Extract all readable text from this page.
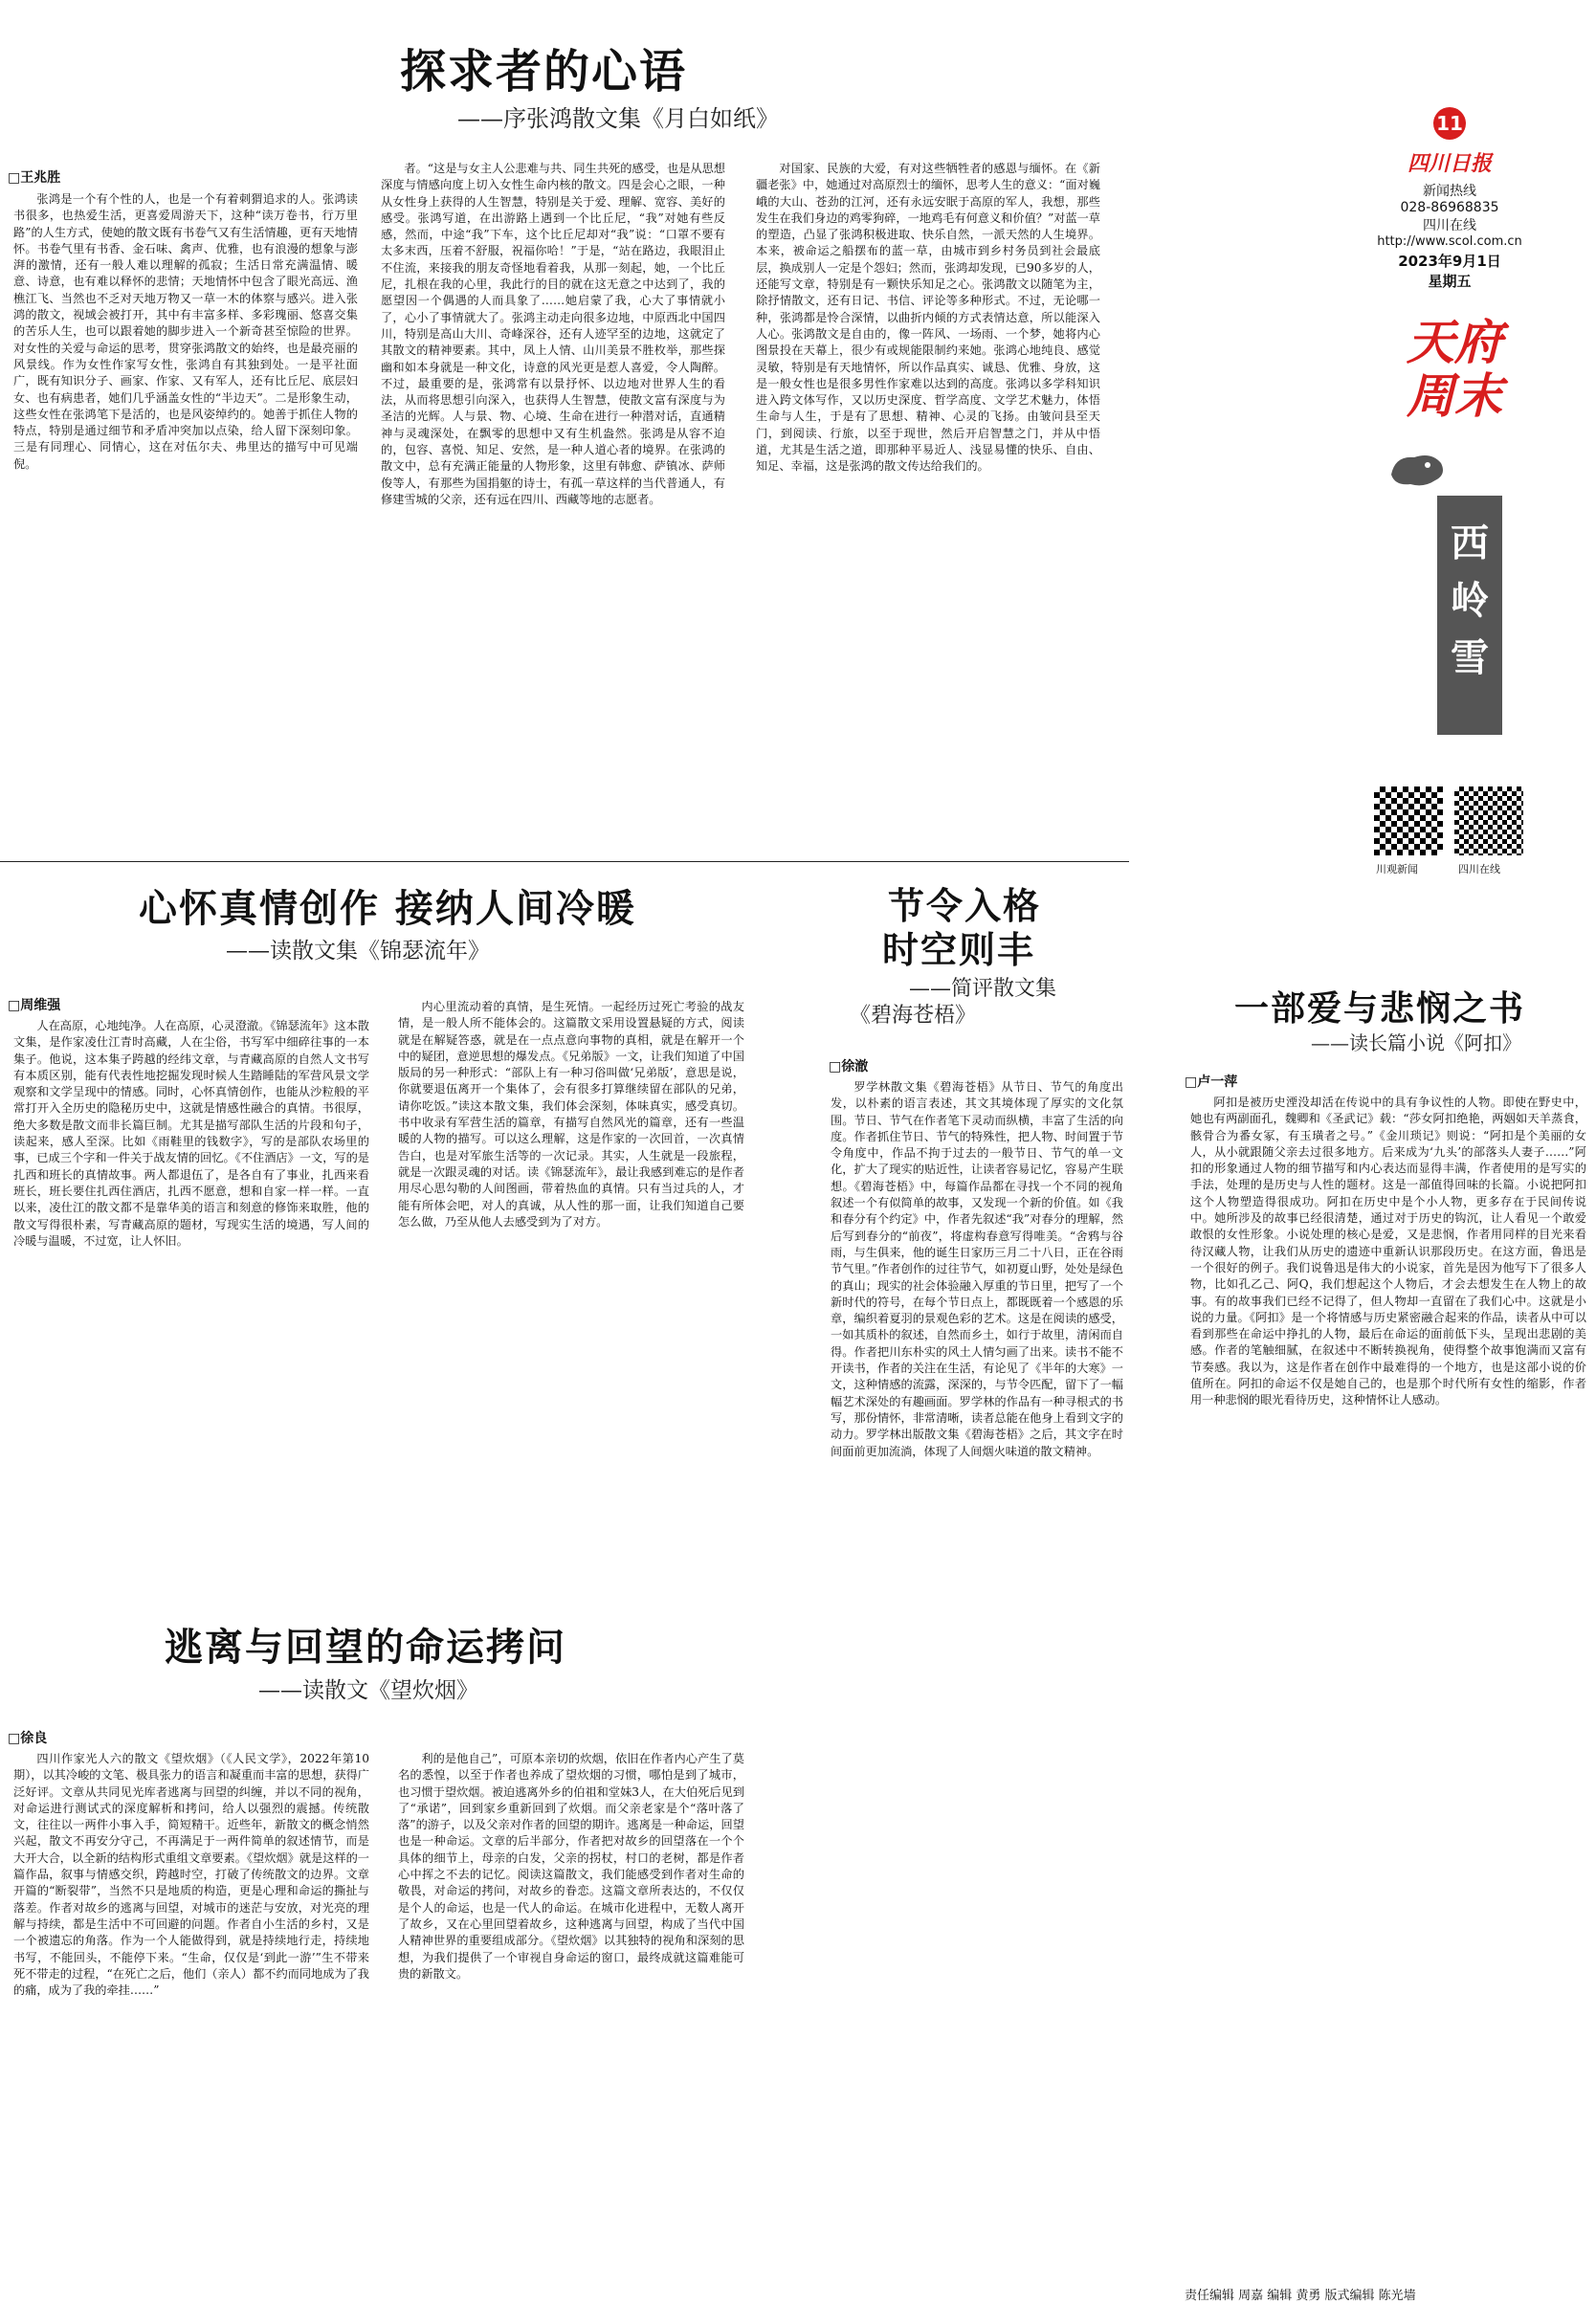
探求者的心语
——序张鸿散文集《月白如纸》
□王兆胜

张鸿是一个有个性的人，也是一个有着刺猬追求的人。张鸿读书很多，也热爱生活，更喜爱周游天下，这种“读万卷书，行万里路”的人生方式，使她的散文既有书卷气又有生活情趣，更有天地情怀。书卷气里有书香、金石味、禽声、优雅，也有浪漫的想象与澎湃的激情，还有一般人难以理解的孤寂；生活日常充满温情、暖意、诗意，也有难以释怀的悲情；天地情怀中包含了眼光高远、渔樵江飞、当然也不乏对天地万物又一草一木的体察与感兴。进入张鸿的散文，视域会被打开，其中有丰富多样、多彩瑰丽、悠喜交集的苦乐人生，也可以跟着她的脚步进入一个新奇甚至惊险的世界。对女性的关爱与命运的思考，贯穿张鸿散文的始终，也是最亮丽的风景线。作为女性作家写女性，张鸿自有其独到处。一是平社面广，既有知识分子、画家、作家、又有军人，还有比丘尼、底层妇女、也有病患者，她们几乎涵盖女性的“半边天”。二是形象生动，这些女性在张鸿笔下是活的，也是风姿绰约的。她善于抓住人物的特点，特别是通过细节和矛盾冲突加以点染，给人留下深刻印象。三是有同理心、同情心，这在对伍尔夫、弗里达的描写中可见端倪。

者。“这是与女主人公悲难与共、同生共死的感受，也是从思想深度与情感向度上切入女性生命内核的散文。四是会心之眼，一种从女性身上获得的人生智慧，特别是关于爱、理解、宽容、美好的感受。张鸿写道，在出游路上遇到一个比丘尼，“我”对她有些反感，然而，中途“我”下车，这个比丘尼却对“我”说：“口罩不要有太多末西，压着不舒服，祝福你哈！”于是，“站在路边，我眼泪止不住流，来接我的朋友奇怪地看着我，从那一刻起，她，一个比丘尼，扎根在我的心里，我此行的目的就在这无意之中达到了，我的愿望因一个偶遇的人而具象了……她启蒙了我，心大了事情就小了，心小了事情就大了。张鸿主动走向很多边地，中原西北中国四川，特别是高山大川、奇峰深谷，还有人迹罕至的边地，这就定了其散文的精神要素。其中，凤上人情、山川美景不胜枚举，那些探幽和如本身就是一种文化，诗意的风光更是惹人喜爱，令人陶醉。不过，最重要的是，张鸿常有以景抒怀、以边地对世界人生的看法，从而将思想引向深入，也获得人生智慧，使散文富有深度与为圣洁的光辉。人与景、物、心境、生命在进行一种潜对话，直通精神与灵魂深处，在飘零的思想中又有生机盎然。张鸿是从容不迫的，包容、喜悦、知足、安然，是一种人道心者的境界。在张鸿的散文中，总有充满正能量的人物形象，这里有韩愈、萨镇冰、萨师俊等人，有那些为国捐躯的诗士，有孤一草这样的当代普通人，有修建雪城的父亲，还有远在四川、西藏等地的志愿者。

对国家、民族的大爱，有对这些牺牲者的感恩与缅怀。在《新疆老张》中，她通过对高原烈士的缅怀，思考人生的意义：“面对巍峨的大山、苍劲的江河，还有永远安眠于高原的军人，我想，那些发生在我们身边的鸡零狗碎，一地鸡毛有何意义和价值？”对蓝一草的塑造，凸显了张鸿积极进取、快乐自然，一派天然的人生境界。本来，被命运之船摆布的蓝一草，由城市到乡村务员到社会最底层，换成别人一定是个怨妇；然而，张鸿却发现，已90多岁的人，还能写文章，特别是有一颗快乐知足之心。张鸿散文以随笔为主，除抒情散文，还有日记、书信、评论等多种形式。不过，无论哪一种，张鸿都是怜合深情，以曲折内倾的方式表情达意，所以能深入人心。张鸿散文是自由的，像一阵风、一场雨、一个梦，她将内心图景投在天幕上，很少有或规能限制约来她。张鸿心地纯良、感觉灵敏，特别是有天地情怀，所以作品真实、诚恳、优雅、身放，这是一般女性也是很多男性作家难以达到的高度。张鸿以多学科知识进入跨文体写作，又以历史深度、哲学高度、文学艺术魅力，体悟生命与人生，于是有了思想、精神、心灵的飞扬。由皱问县至天门，到阅读、行旅，以至于现世，然后开启智慧之门，并从中悟道，尤其是生活之道，即那种平易近人、浅显易懂的快乐、自由、知足、幸福，这是张鸿的散文传达给我们的。

11
四川日报
新闻热线
028-86968835
四川在线
http://www.scol.com.cn
2023年9月1日
星期五
天府周末
西岭雪
川观新闻	四川在线
心怀真情创作 接纳人间冷暖
——读散文集《锦瑟流年》
□周维强

人在高原，心地纯净。人在高原，心灵澄澈。《锦瑟流年》这本散文集，是作家凌仕江青时高藏，人在尘俗，书写军中细碎往事的一本集子。他说，这本集子跨越的经纬文章，与青藏高原的自然人文书写有本质区别，能有代表性地挖掘发现时候人生踏睡陆的军营风景文学观察和文学呈现中的情感。同时，心怀真情创作，也能从沙粒般的平常打开入全历史的隐秘历史中，这就是情感性融合的真情。书很厚，绝大多数是散文而非长篇巨制。尤其是描写部队生活的片段和句子，读起来，感人至深。比如《雨鞋里的钱数字》，写的是部队农场里的事，已成三个字和一件关于战友情的回忆。《不住酒店》一文，写的是扎西和班长的真情故事。两人都退伍了，是各自有了事业，扎西来看班长，班长要住扎西住酒店，扎西不愿意，想和自家一样一样。一直以来，凌仕江的散文都不是靠华美的语言和刻意的修饰来取胜，他的散文写得很朴素，写青藏高原的题材，写现实生活的境遇，写人间的冷暖与温暖，不过宽，让人怀旧。

内心里流动着的真情，是生死情。一起经历过死亡考验的战友情，是一般人所不能体会的。这篇散文采用设置悬疑的方式，阅读就是在解疑答惑，就是在一点点意向事物的真相，就是在解开一个中的疑团，意逆思想的爆发点。《兄弟版》一文，让我们知道了中国版局的另一种形式：“部队上有一种习俗叫做‘兄弟版’，意思是说，你就要退伍离开一个集体了，会有很多打算继续留在部队的兄弟，请你吃饭。”读这本散文集，我们体会深刻，体味真实，感受真切。书中收录有军营生活的篇章，有描写自然风光的篇章，还有一些温暖的人物的描写。可以这么理解，这是作家的一次回首，一次真情告白，也是对军旅生活等的一次记录。其实，人生就是一段旅程，就是一次跟灵魂的对话。读《锦瑟流年》，最让我感到难忘的是作者用尽心思勾勒的人间图画，带着热血的真情。只有当过兵的人，才能有所体会吧，对人的真诚，从人性的那一面，让我们知道自己要怎么做，乃至从他人去感受到为了对方。

节令入格
时空则丰
——简评散文集
《碧海苍梧》
□徐澈

罗学林散文集《碧海苍梧》从节日、节气的角度出发，以朴素的语言表述，其文其境体现了厚实的文化氛围。节日、节气在作者笔下灵动而纵横，丰富了生活的向度。作者抓住节日、节气的特殊性，把人物、时间置于节令角度中，作品不拘于过去的一般节日、节气的单一文化，扩大了现实的贴近性，让读者容易记忆，容易产生联想。《碧海苍梧》中，每篇作品都在寻找一个不同的视角叙述一个有似简单的故事，又发现一个新的价值。如《我和春分有个约定》中，作者先叙述“我”对春分的理解，然后写到春分的“前夜”，将虚构春意写得唯美。“舍鸦与谷雨，与生俱来，他的诞生日家历三月二十八日，正在谷雨节气里。”作者创作的过往节气，如初夏山野，处处是绿色的真山；现实的社会体验融入厚重的节日里，把写了一个新时代的符号，在每个节日点上，都既既着一个感恩的乐章，编织着夏羽的景观色彩的艺术。这是在阅读的感受，一如其质朴的叙述，自然而乡土，如行于故里，清闲而自得。作者把川东朴实的风土人情匀画了出来。读书不能不开读书，作者的关注在生活，有论见了《半年的大寒》一文，这种情感的流露，深深的，与节令匹配，留下了一幅幅艺术深处的有趣画面。罗学林的作品有一种寻根式的书写，那份情怀，非常清晰，读者总能在他身上看到文字的动力。罗学林出版散文集《碧海苍梧》之后，其文字在时间面前更加流淌，体现了人间烟火味道的散文精神。

一部爱与悲悯之书
——读长篇小说《阿扣》
□卢一萍

阿扣是被历史湮没却活在传说中的具有争议性的人物。即使在野史中，她也有两副面孔，魏卿和《圣武记》载：“莎女阿扣绝艳，两姻如天羊蒸食，骸骨合为番女冢，有玉璜者之号。”《金川琐记》则说：“阿扣是个美丽的女人，从小就跟随父亲去过很多地方。后来成为‘九头’的部落头人妻子……”阿扣的形象通过人物的细节描写和内心表达而显得丰满，作者使用的是写实的手法，处理的是历史与人性的题材。这是一部值得回味的长篇。小说把阿扣这个人物塑造得很成功。阿扣在历史中是个小人物，更多存在于民间传说中。她所涉及的故事已经很清楚，通过对于历史的钩沉，让人看见一个敢爱敢恨的女性形象。小说处理的核心是爱，又是悲悯，作者用同样的目光来看待汉藏人物，让我们从历史的遗迹中重新认识那段历史。在这方面，鲁迅是一个很好的例子。我们说鲁迅是伟大的小说家，首先是因为他写下了很多人物，比如孔乙己、阿Q，我们想起这个人物后，才会去想发生在人物上的故事。有的故事我们已经不记得了，但人物却一直留在了我们心中。这就是小说的力量。《阿扣》是一个将情感与历史紧密融合起来的作品，读者从中可以看到那些在命运中挣扎的人物，最后在命运的面前低下头，呈现出悲剧的美感。作者的笔触细腻，在叙述中不断转换视角，使得整个故事饱满而又富有节奏感。我以为，这是作者在创作中最难得的一个地方，也是这部小说的价值所在。阿扣的命运不仅是她自己的，也是那个时代所有女性的缩影，作者用一种悲悯的眼光看待历史，这种情怀让人感动。

逃离与回望的命运拷问
——读散文《望炊烟》
□徐良

四川作家光人六的散文《望炊烟》（《人民文学》，2022年第10期），以其冷峻的文笔、极具张力的语言和凝重而丰富的思想，获得广泛好评。文章从共同见光库者逃离与回望的纠缠，并以不同的视角，对命运进行测试式的深度解析和拷问，给人以强烈的震撼。传统散文，往往以一两件小事入手，简短精干。近些年，新散文的概念悄然兴起，散文不再安分守己，不再满足于一两件简单的叙述情节，而是大开大合，以全新的结构形式重组文章要素。《望炊烟》就是这样的一篇作品，叙事与情感交织，跨越时空，打破了传统散文的边界。文章开篇的“断裂带”，当然不只是地质的构造，更是心理和命运的撕扯与落差。作者对故乡的逃离与回望，对城市的迷茫与安放，对光亮的理解与持续，都是生活中不可回避的问题。作者自小生活的乡村，又是一个被遗忘的角落。作为一个人能做得到，就是持续地行走，持续地书写，不能回头，不能停下来。“生命，仅仅是‘到此一游’”生不带来死不带走的过程，“在死亡之后，他们（亲人）都不约而同地成为了我的痛，成为了我的牵挂……”

利的是他自己”，可原本亲切的炊烟，依旧在作者内心产生了莫名的悉惶，以至于作者也养成了望炊烟的习惯，哪怕是到了城市，也习惯于望炊烟。被迫逃离外乡的伯祖和堂妹3人，在大伯死后见到了“承诺”，回到家乡重新回到了炊烟。而父亲老家是个“落叶落了落”的游子，以及父亲对作者的回望的期许。逃离是一种命运，回望也是一种命运。文章的后半部分，作者把对故乡的回望落在一个个具体的细节上，母亲的白发，父亲的拐杖，村口的老树，都是作者心中挥之不去的记忆。阅读这篇散文，我们能感受到作者对生命的敬畏，对命运的拷问，对故乡的眷恋。这篇文章所表达的，不仅仅是个人的命运，也是一代人的命运。在城市化进程中，无数人离开了故乡，又在心里回望着故乡，这种逃离与回望，构成了当代中国人精神世界的重要组成部分。《望炊烟》以其独特的视角和深刻的思想，为我们提供了一个审视自身命运的窗口，最终成就这篇难能可贵的新散文。

责任编辑 周嘉 编辑 黄勇 版式编辑 陈光墙
